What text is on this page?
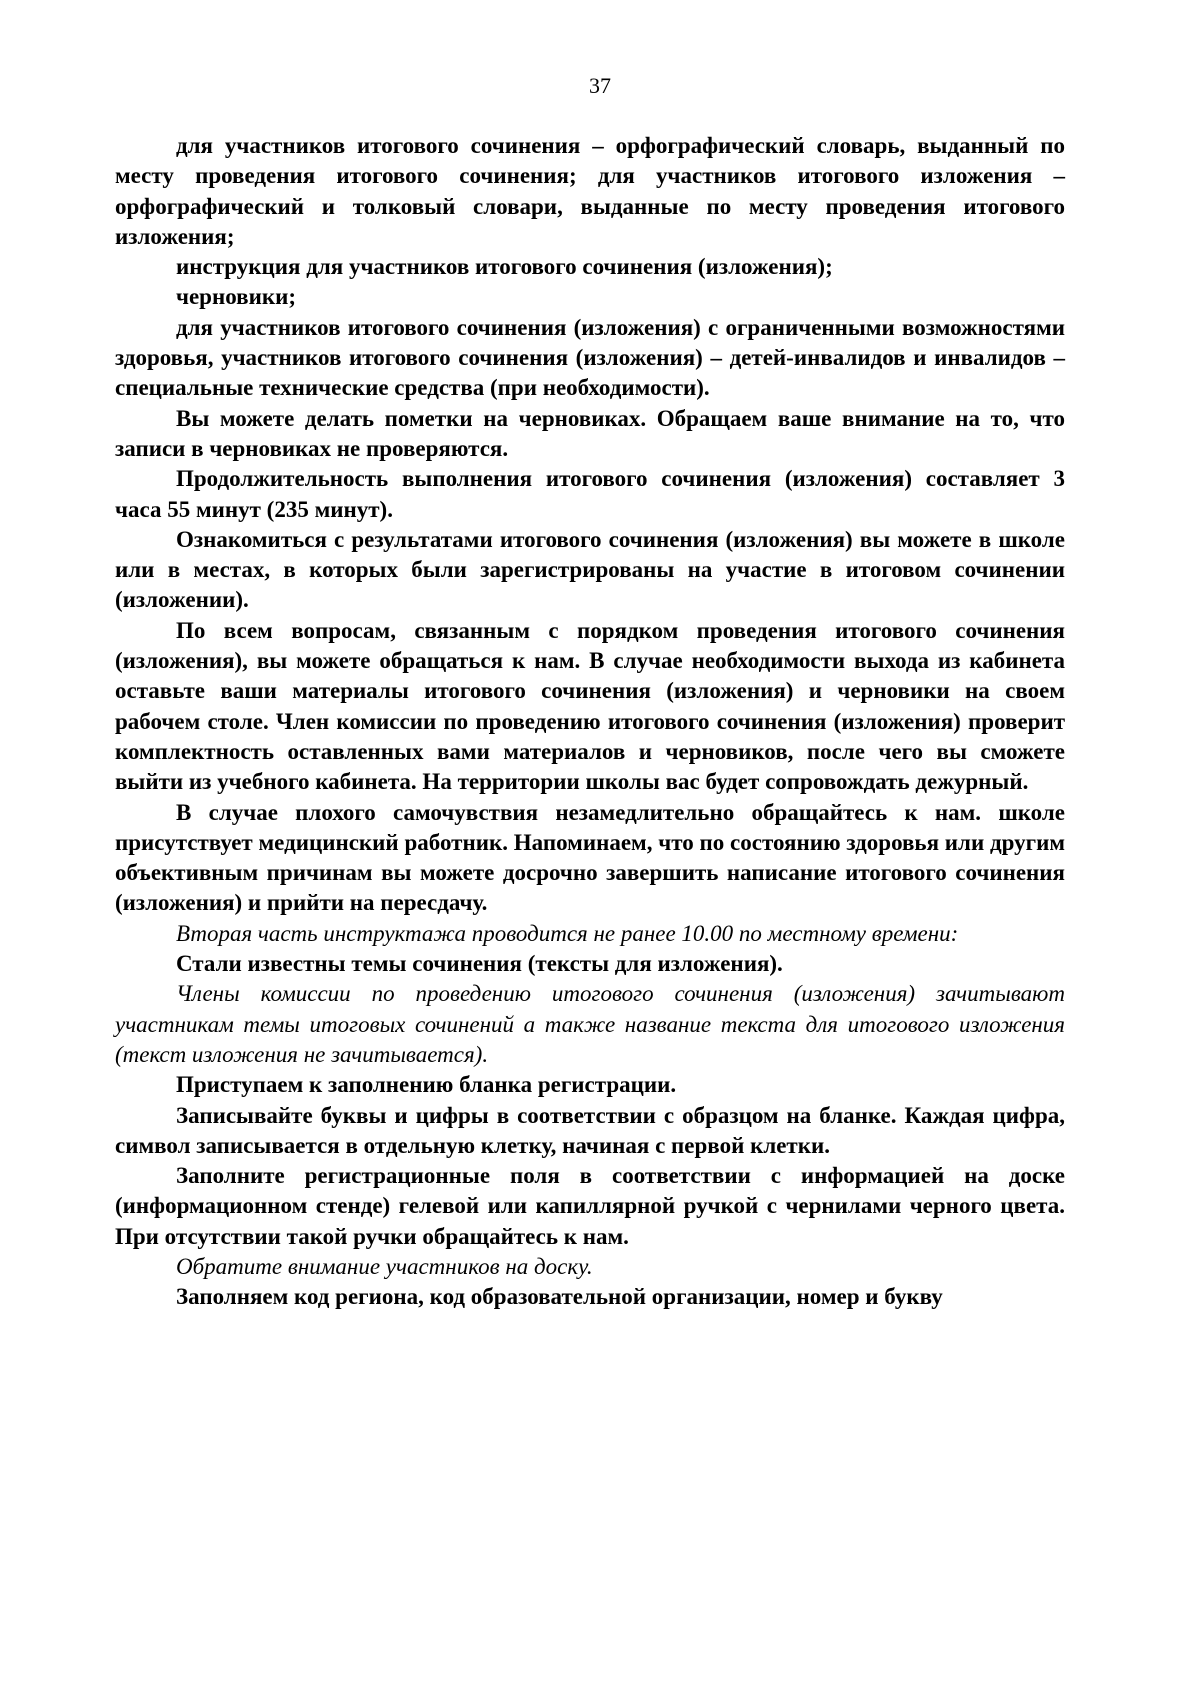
37

для участников итогового сочинения – орфографический словарь, выданный по месту проведения итогового сочинения; для участников итогового изложения – орфографический и толковый словари, выданные по месту проведения итогового изложения;

инструкция для участников итогового сочинения (изложения);

черновики;

для участников итогового сочинения (изложения) с ограниченными возможностями здоровья, участников итогового сочинения (изложения) – детей-инвалидов и инвалидов – специальные технические средства (при необходимости).

Вы можете делать пометки на черновиках. Обращаем ваше внимание на то, что записи в черновиках не проверяются.

Продолжительность выполнения итогового сочинения (изложения) составляет 3 часа 55 минут (235 минут).

Ознакомиться с результатами итогового сочинения (изложения) вы можете в школе или в местах, в которых были зарегистрированы на участие в итоговом сочинении (изложении).

По всем вопросам, связанным с порядком проведения итогового сочинения (изложения), вы можете обращаться к нам. В случае необходимости выхода из кабинета оставьте ваши материалы итогового сочинения (изложения) и черновики на своем рабочем столе. Член комиссии по проведению итогового сочинения (изложения) проверит комплектность оставленных вами материалов и черновиков, после чего вы сможете выйти из учебного кабинета. На территории школы вас будет сопровождать дежурный.

В случае плохого самочувствия незамедлительно обращайтесь к нам. школе присутствует медицинский работник. Напоминаем, что по состоянию здоровья или другим объективным причинам вы можете досрочно завершить написание итогового сочинения (изложения) и прийти на пересдачу.

Вторая часть инструктажа проводится не ранее 10.00 по местному времени:

Стали известны темы сочинения (тексты для изложения).

Члены комиссии по проведению итогового сочинения (изложения) зачитывают участникам темы итоговых сочинений а также название текста для итогового изложения (текст изложения не зачитывается).

Приступаем к заполнению бланка регистрации.

Записывайте буквы и цифры в соответствии с образцом на бланке. Каждая цифра, символ записывается в отдельную клетку, начиная с первой клетки.

Заполните регистрационные поля в соответствии с информацией на доске (информационном стенде) гелевой или капиллярной ручкой с чернилами черного цвета. При отсутствии такой ручки обращайтесь к нам.

Обратите внимание участников на доску.

Заполняем код региона, код образовательной организации, номер и букву
